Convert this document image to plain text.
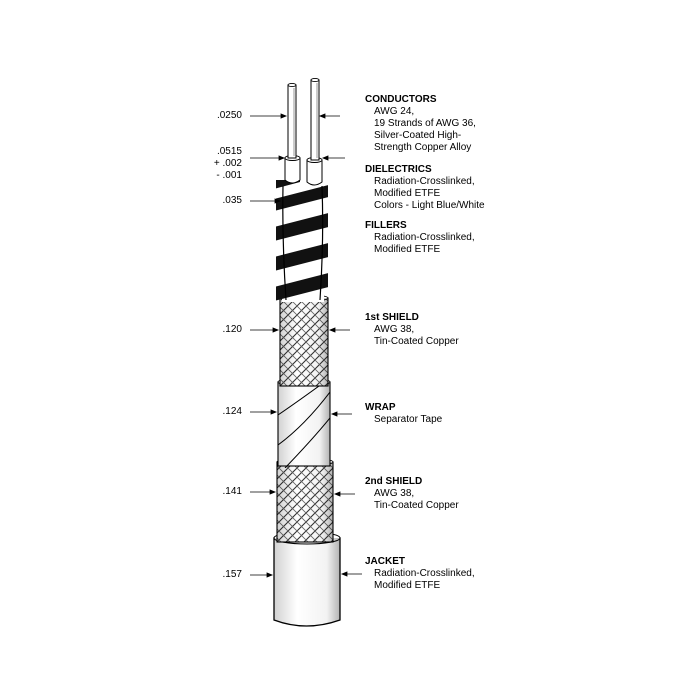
.0250
.0515
+ .002
- .001
.035
.120
.124
.141
.157
CONDUCTORS
AWG 24,
19 Strands of AWG 36,
Silver-Coated High-
Strength Copper Alloy
DIELECTRICS
Radiation-Crosslinked,
Modified ETFE
Colors - Light Blue/White
FILLERS
Radiation-Crosslinked,
Modified ETFE
1st SHIELD
AWG 38,
Tin-Coated Copper
WRAP
Separator Tape
2nd SHIELD
AWG 38,
Tin-Coated Copper
JACKET
Radiation-Crosslinked,
Modified ETFE
